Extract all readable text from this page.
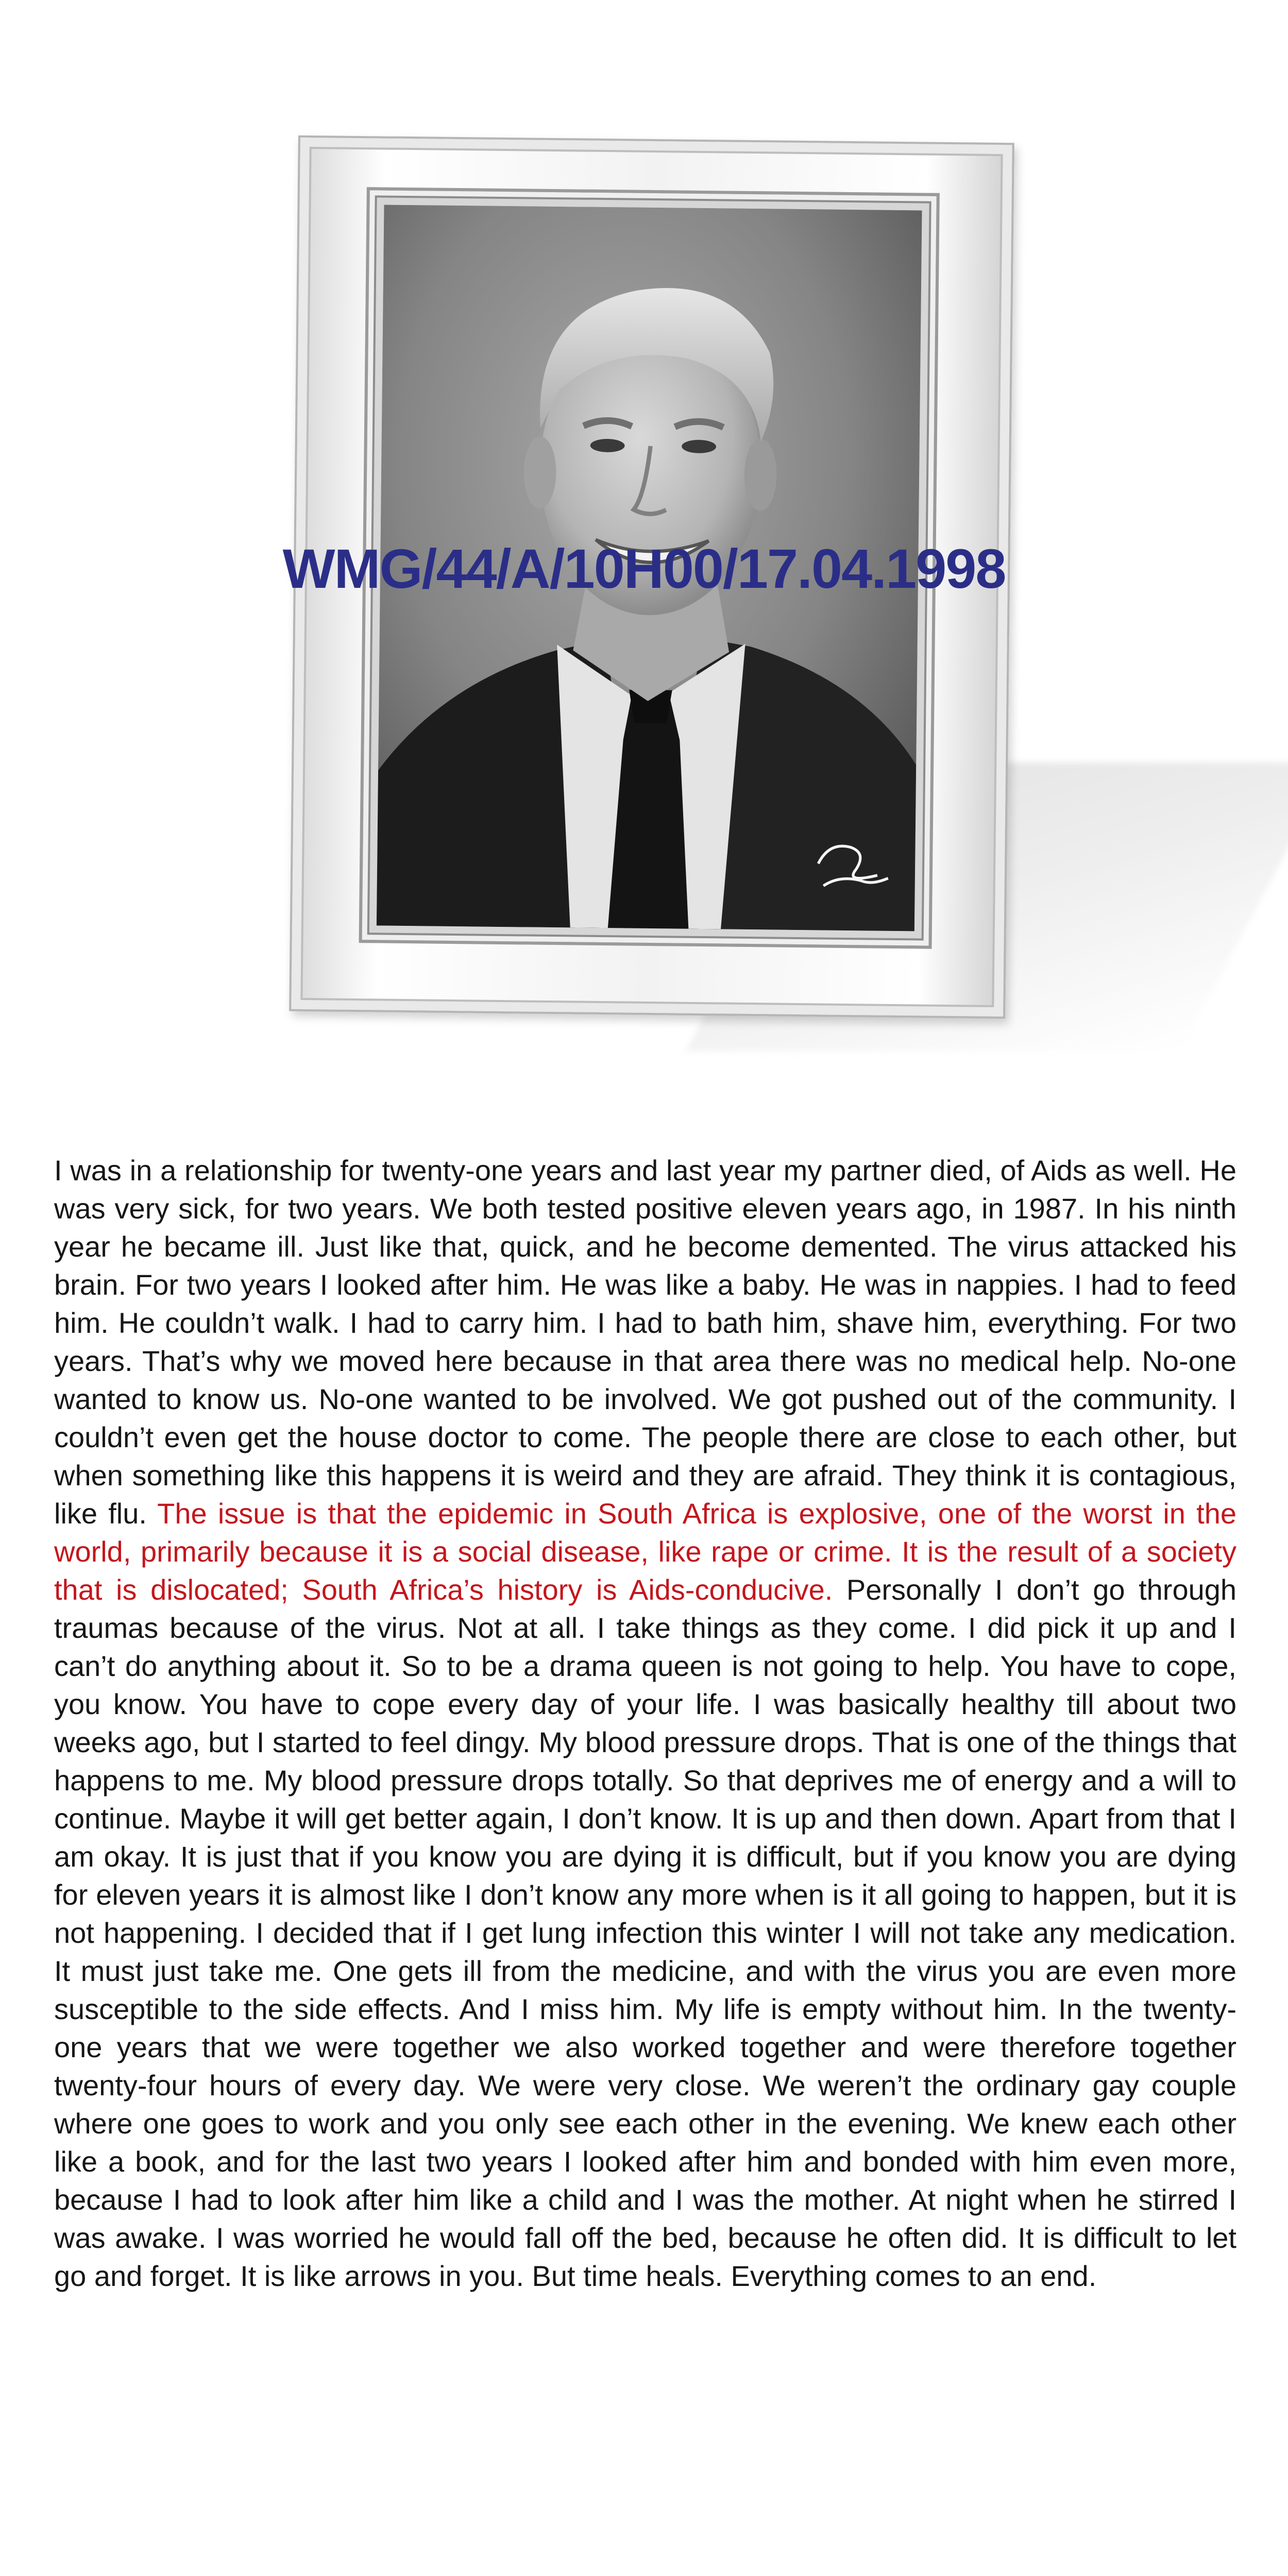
WMG/44/A/10H00/17.04.1998
I was in a relationship for twenty-one years and last year my partner died, of Aids as well. He was very sick, for two years. We both tested positive eleven years ago, in 1987. In his ninth year he became ill. Just like that, quick, and he become demented. The virus attacked his brain. For two years I looked after him. He was like a baby. He was in nappies. I had to feed him. He couldn’t walk. I had to carry him. I had to bath him, shave him, everything. For two years. That’s why we moved here because in that area there was no medical help. No-one wanted to know us. No-one wanted to be involved. We got pushed out of the community. I couldn’t even get the house doctor to come. The people there are close to each other, but when something like this happens it is weird and they are afraid. They think it is contagious, like flu. The issue is that the epidemic in South Africa is explosive, one of the worst in the world, primarily because it is a social disease, like rape or crime. It is the result of a society that is dislocated; South Africa’s history is Aids-conducive. Personally I don’t go through traumas because of the virus. Not at all. I take things as they come. I did pick it up and I can’t do anything about it. So to be a drama queen is not going to help. You have to cope, you know. You have to cope every day of your life. I was basically healthy till about two weeks ago, but I started to feel dingy. My blood pressure drops. That is one of the things that happens to me. My blood pressure drops totally. So that deprives me of energy and a will to continue. Maybe it will get better again, I don’t know. It is up and then down. Apart from that I am okay. It is just that if you know you are dying it is difficult, but if you know you are dying for eleven years it is almost like I don’t know any more when is it all going to happen, but it is not happening. I decided that if I get lung infection this winter I will not take any medication. It must just take me. One gets ill from the medicine, and with the virus you are even more susceptible to the side effects. And I miss him. My life is empty without him. In the twenty-one years that we were together we also worked together and were therefore together twenty-four hours of every day. We were very close. We weren’t the ordinary gay couple where one goes to work and you only see each other in the evening. We knew each other like a book, and for the last two years I looked after him and bonded with him even more, because I had to look after him like a child and I was the mother. At night when he stirred I was awake. I was worried he would fall off the bed, because he often did. It is difficult to let go and forget. It is like arrows in you. But time heals. Everything comes to an end.
